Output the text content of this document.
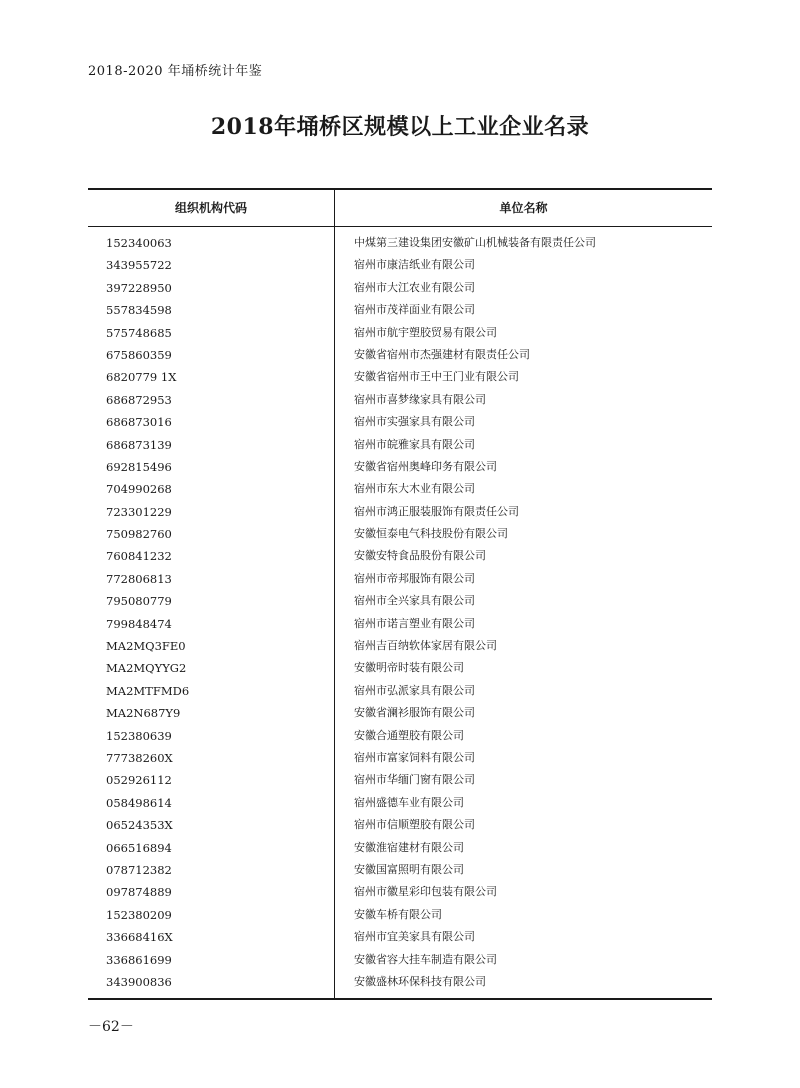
2018-2020 年埇桥统计年鉴
2018年埇桥区规模以上工业企业名录
组织机构代码	单位名称
152340063	中煤第三建设集团安徽矿山机械装备有限责任公司
343955722	宿州市康洁纸业有限公司
397228950	宿州市大江农业有限公司
557834598	宿州市茂祥面业有限公司
575748685	宿州市航宇塑胶贸易有限公司
675860359	安徽省宿州市杰强建材有限责任公司
6820779 1X	安徽省宿州市王中王门业有限公司
686872953	宿州市喜梦缘家具有限公司
686873016	宿州市实强家具有限公司
686873139	宿州市皖雅家具有限公司
692815496	安徽省宿州奥峰印务有限公司
704990268	宿州市东大木业有限公司
723301229	宿州市鸿正服装服饰有限责任公司
750982760	安徽恒泰电气科技股份有限公司
760841232	安徽安特食品股份有限公司
772806813	宿州市帝邦服饰有限公司
795080779	宿州市全兴家具有限公司
799848474	宿州市诺言塑业有限公司
MA2MQ3FE0	宿州吉百纳软体家居有限公司
MA2MQYYG2	安徽明帝时装有限公司
MA2MTFMD6	宿州市弘派家具有限公司
MA2N687Y9	安徽省澜衫服饰有限公司
152380639	安徽合通塑胶有限公司
77738260X	宿州市富家饲料有限公司
052926112	宿州市华缅门窗有限公司
058498614	宿州盛德车业有限公司
06524353X	宿州市信顺塑胶有限公司
066516894	安徽淮宿建材有限公司
078712382	安徽国富照明有限公司
097874889	宿州市徽星彩印包装有限公司
152380209	安徽车桥有限公司
33668416X	宿州市宜美家具有限公司
336861699	安徽省容大挂车制造有限公司
343900836	安徽盛林环保科技有限公司
－62－
